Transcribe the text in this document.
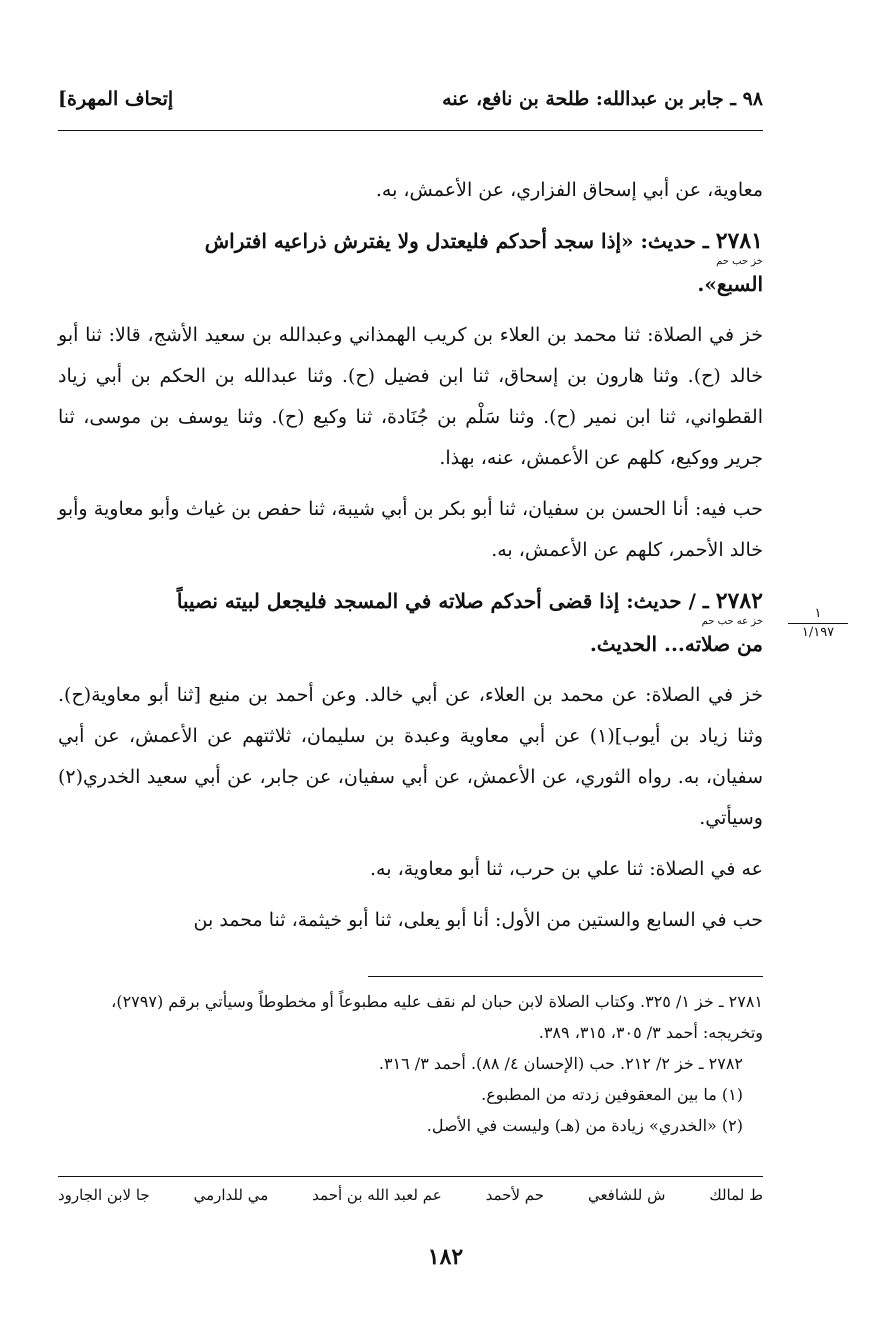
٩٨ ـ جابر بن عبدالله: طلحة بن نافع، عنه
[إتحاف المهرة

معاوية، عن أبي إسحاق الفزاري، عن الأعمش، به.

٢٧٨١ ـ حديث: «إذا سجد أحدكم فليعتدل ولا يفترش ذراعيه افتراش
خز حب حم
السبع».

خز في الصلاة: ثنا محمد بن العلاء بن كريب الهمذاني وعبدالله بن سعيد الأشج، قالا: ثنا أبو خالد (ح). وثنا هارون بن إسحاق، ثنا ابن فضيل (ح). وثنا عبدالله بن الحكم بن أبي زياد القطواني، ثنا ابن نمير (ح). وثنا سَلْم بن جُنَادة، ثنا وكيع (ح). وثنا يوسف بن موسى، ثنا جرير ووكيع، كلهم عن الأعمش، عنه، بهذا.

حب فيه: أنا الحسن بن سفيان، ثنا أبو بكر بن أبي شيبة، ثنا حفص بن غياث وأبو معاوية وأبو خالد الأحمر، كلهم عن الأعمش، به.

٢٧٨٢ ـ / حديث: إذا قضى أحدكم صلاته في المسجد فليجعل لبيته نصيباً
خز عه حب حم
من صلاته... الحديث.

خز في الصلاة: عن محمد بن العلاء، عن أبي خالد. وعن أحمد بن منيع [ثنا أبو معاوية(ح). وثنا زياد بن أيوب](١) عن أبي معاوية وعبدة بن سليمان، ثلاثتهم عن الأعمش، عن أبي سفيان، به. رواه الثوري، عن الأعمش، عن أبي سفيان، عن جابر، عن أبي سعيد الخدري(٢) وسيأتي.

عه في الصلاة: ثنا علي بن حرب، ثنا أبو معاوية، به.

حب في السابع والستين من الأول: أنا أبو يعلى، ثنا أبو خيثمة، ثنا محمد بن

١
١/١٩٧

٢٧٨١ ـ خز ١/ ٣٢٥. وكتاب الصلاة لابن حبان لم نقف عليه مطبوعاً أو مخطوطاً وسيأتي برقم (٢٧٩٧)، وتخريجه: أحمد ٣/ ٣٠٥، ٣١٥، ٣٨٩.

٢٧٨٢ ـ خز ٢/ ٢١٢. حب (الإحسان ٤/ ٨٨). أحمد ٣/ ٣١٦.

(١) ما بين المعقوفين زدته من المطبوع.

(٢) «الخدري» زيادة من (هـ) وليست في الأصل.

جا لابن الجارود	مي للدارمي	عم لعبد الله بن أحمد	حم لأحمد	ش للشافعي	ط لمالك
١٨٢
